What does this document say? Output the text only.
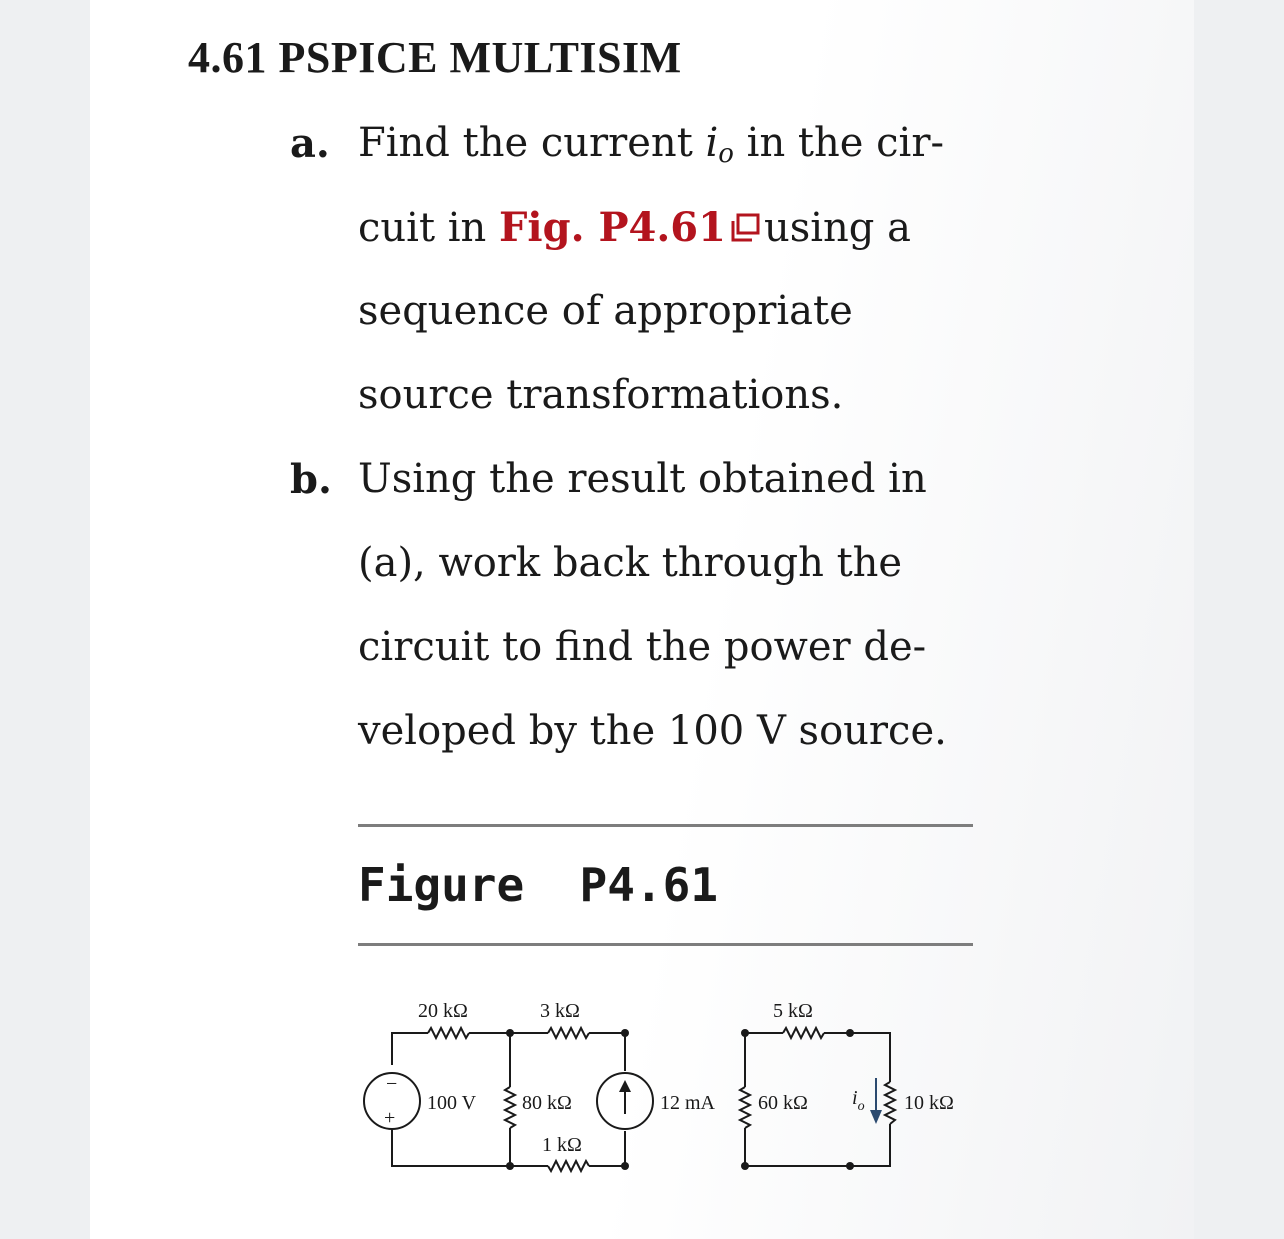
4.61 PSPICE MULTISIM
a. Find the current $i_o$ in the cir-
cuit in Fig. P4.61 using a
sequence of appropriate
source transformations.
b. Using the result obtained in
(a), work back through the
circuit to find the power de-
veloped by the 100 V source.
Figure  P4.61
20 kΩ	3 kΩ	5 kΩ
−
+
100 V 80 kΩ	12 mA 60 kΩ $i_o$ 10 kΩ
1 kΩ
